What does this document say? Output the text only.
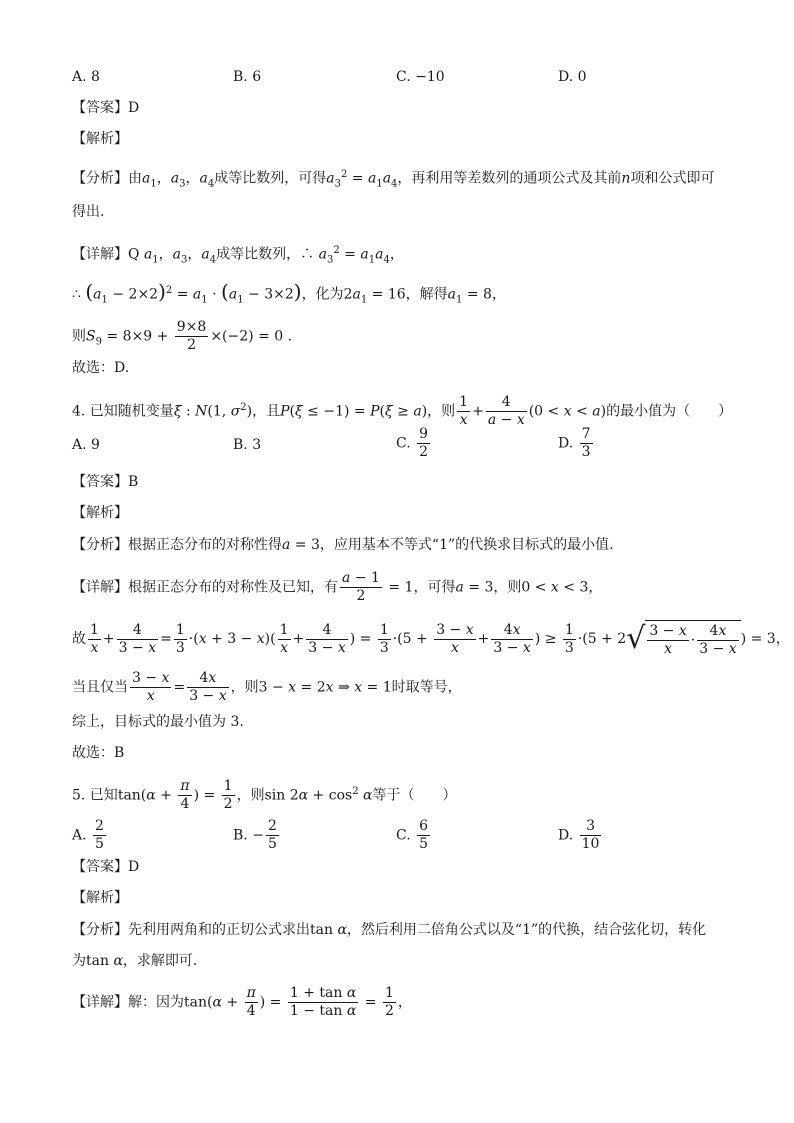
A. 8	B. 6	C. −10	D. 0
【答案】D
【解析】
【分析】由$a_1$，$a_3$，$a_4$成等比数列，可得$a_3^2 = a_1a_4$，再利用等差数列的通项公式及其前n项和公式即可
得出.
【详解】Q $a_1$，$a_3$，$a_4$成等比数列，∴ $a_3^2 = a_1a_4$，
∴ $(a_1 - 2\times 2)^2 = a_1 \cdot (a_1 - 3\times 2)$，化为$2a_1 = 16$，解得$a_1 = 8$，
则$S_9 = 8\times 9 + \frac{9\times 8}{2} \times(-2) = 0$ .
故选：D.
4. 已知随机变量ξ : N(1, $\sigma^2$)，且P(ξ ≤ −1) = P(ξ ≥ a)，则 $\frac{1}{x} + \frac{4}{a - x} (0 < x < a)$的最小值为（　　）
A. 9	B. 3	C. $\frac{9}{2}$	D. $\frac{7}{3}$
【答案】B
【解析】
【分析】根据正态分布的对称性得a = 3，应用基本不等式“1”的代换求目标式的最小值.
【详解】根据正态分布的对称性及已知，有 $\frac{a - 1}{2} = 1$，可得a = 3，则0 < x < 3，
故 $\frac{1}{x} + \frac{4}{3 - x} = \frac{1}{3} \cdot(x + 3 - x)( \frac{1}{x} + \frac{4}{3 - x}$ ) = $\frac{1}{3} \cdot(5 + \frac{3 - x}{x} + \frac{4x}{3 - x}$ ) ≥ $\frac{1}{3} \cdot(5 + 2√ \frac{3 - x}{x} \cdot \frac{4x}{3 - x}$ ) = 3，
当且仅当 $\frac{3 - x}{x} = \frac{4x}{3 - x}$ ，则3 − x = 2x ⇒ x = 1时取等号，
综上，目标式的最小值为 3.
故选：B
5. 已知$\tan(\alpha + \frac{\pi}{4}$ ) = $\frac{1}{2}$ ，则$\sin 2\alpha + \cos^2 \alpha$等于（　　）
A. $\frac{2}{5}$	B. − $\frac{2}{5}$	C. $\frac{6}{5}$	D. $\frac{3}{10}$
【答案】D
【解析】
【分析】先利用两角和的正切公式求出tan α，然后利用二倍角公式以及“1”的代换，结合弦化切，转化
为tan α，求解即可.
【详解】解：因为$\tan(\alpha + \frac{\pi}{4}$ ) = $\frac{\text{1 + tan α}}{\text{1 − tan α}} = \frac{1}{2}$ ，
